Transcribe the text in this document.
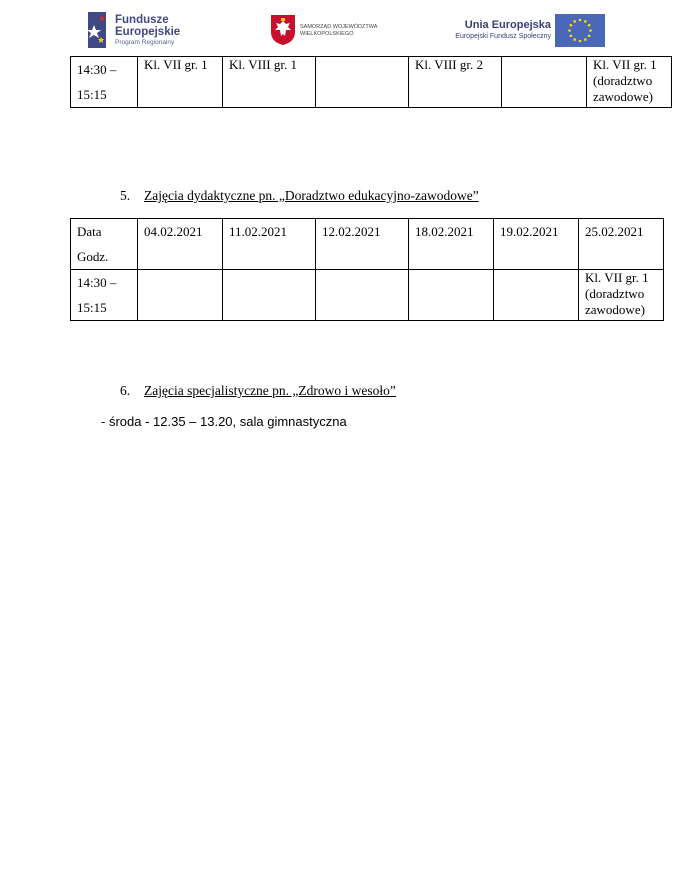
Fundusze
Europejskie
Program Regionalny
SAMORZĄD WOJEWÓDZTWA
WIELKOPOLSKIEGO
Unia Europejska
Europejski Fundusz Społeczny
14:30 –
15:15	Kl. VII gr. 1	Kl. VIII gr. 1		Kl. VIII gr. 2		Kl. VII gr. 1 (doradztwo zawodowe)
5. Zajęcia dydaktyczne pn. „Doradztwo edukacyjno-zawodowe”
Data
Godz.	04.02.2021	11.02.2021	12.02.2021	18.02.2021	19.02.2021	25.02.2021
14:30 –
15:15						Kl. VII gr. 1 (doradztwo zawodowe)
6. Zajęcia specjalistyczne pn. „Zdrowo i wesoło”
- środa - 12.35 – 13.20, sala gimnastyczna
